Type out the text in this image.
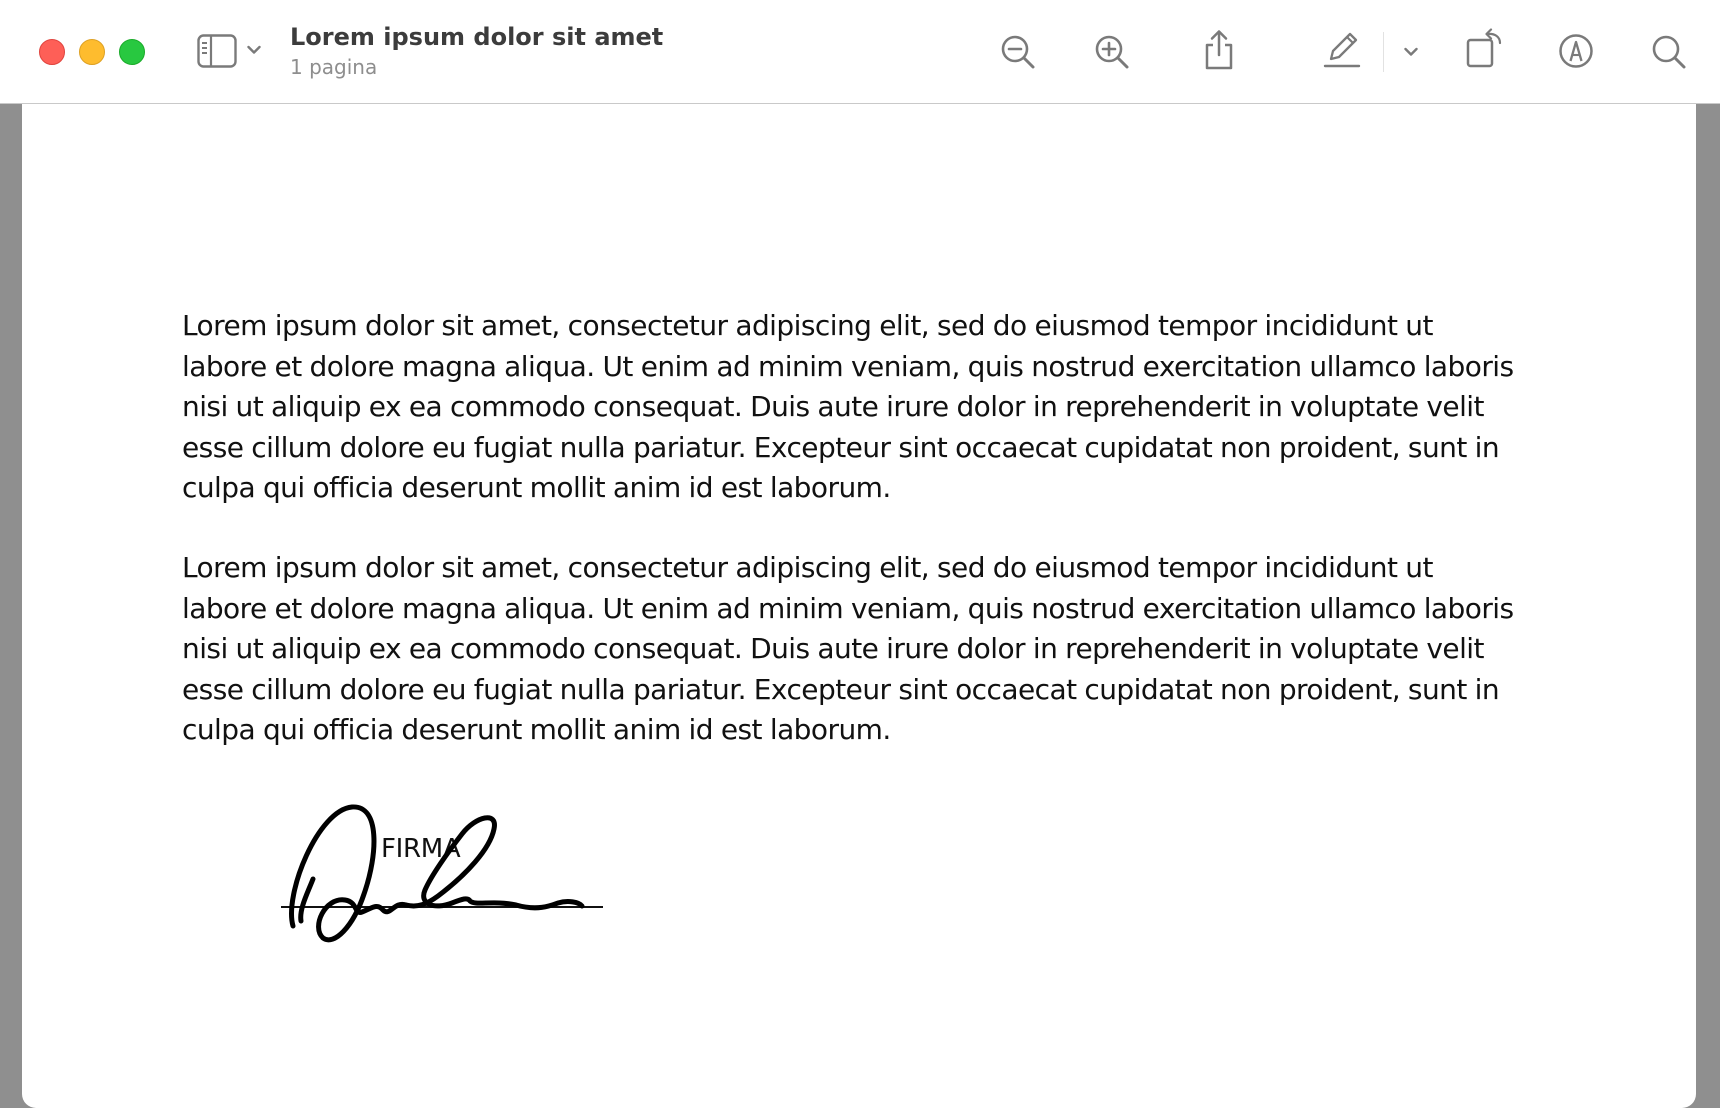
Lorem ipsum dolor sit amet
1 pagina

Lorem ipsum dolor sit amet, consectetur adipiscing elit, sed do eiusmod tempor incididunt ut labore et dolore magna aliqua. Ut enim ad minim veniam, quis nostrud exercitation ullamco laboris nisi ut aliquip ex ea commodo consequat. Duis aute irure dolor in reprehenderit in voluptate velit esse cillum dolore eu fugiat nulla pariatur. Excepteur sint occaecat cupidatat non proident, sunt in culpa qui officia deserunt mollit anim id est laborum.

Lorem ipsum dolor sit amet, consectetur adipiscing elit, sed do eiusmod tempor incididunt ut labore et dolore magna aliqua. Ut enim ad minim veniam, quis nostrud exercitation ullamco laboris nisi ut aliquip ex ea commodo consequat. Duis aute irure dolor in reprehenderit in voluptate velit esse cillum dolore eu fugiat nulla pariatur. Excepteur sint occaecat cupidatat non proident, sunt in culpa qui officia deserunt mollit anim id est laborum.

FIRMA
